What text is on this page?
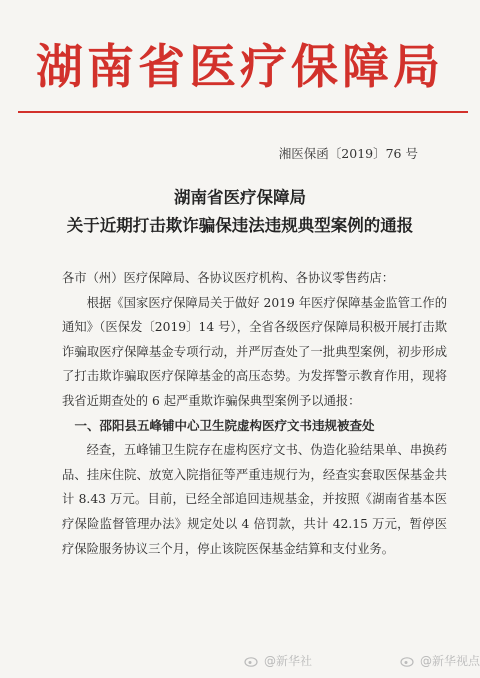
湖南省医疗保障局
湘医保函〔2019〕76 号
湖南省医疗保障局
关于近期打击欺诈骗保违法违规典型案例的通报

各市（州）医疗保障局、各协议医疗机构、各协议零售药店：

根据《国家医疗保障局关于做好 2019 年医疗保障基金监管工作的通知》（医保发〔2019〕14 号），全省各级医疗保障局积极开展打击欺诈骗取医疗保障基金专项行动，并严厉查处了一批典型案例，初步形成了打击欺诈骗取医疗保障基金的高压态势。为发挥警示教育作用，现将我省近期查处的 6 起严重欺诈骗保典型案例予以通报：

一、邵阳县五峰铺中心卫生院虚构医疗文书违规被查处

经查，五峰铺卫生院存在虚构医疗文书、伪造化验结果单、串换药品、挂床住院、放宽入院指征等严重违规行为，经查实套取医保基金共计 8.43 万元。目前，已经全部追回违规基金，并按照《湖南省基本医疗保险监督管理办法》规定处以 4 倍罚款，共计 42.15 万元，暂停医疗保险服务协议三个月，停止该院医保基金结算和支付业务。

@新华社	@新华视点
